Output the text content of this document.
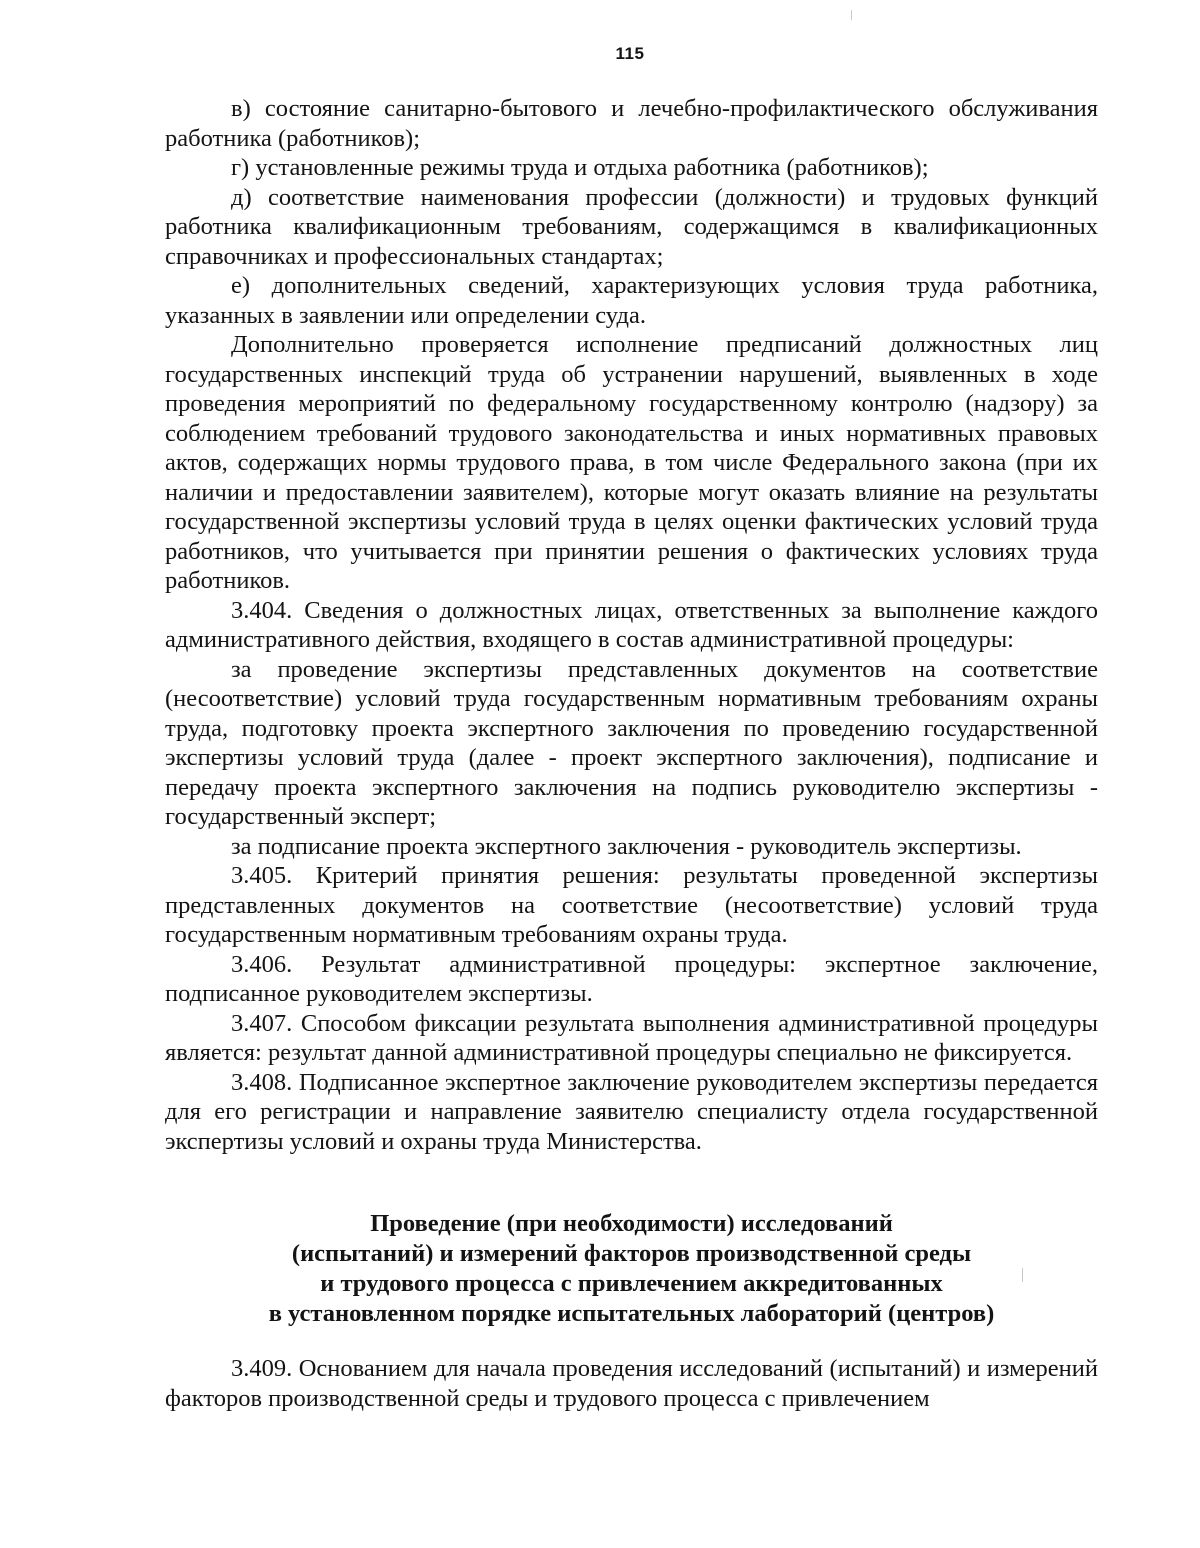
115

в) состояние санитарно-бытового и лечебно-профилактического обслуживания работника (работников);

г) установленные режимы труда и отдыха работника (работников);

д) соответствие наименования профессии (должности) и трудовых функций работника квалификационным требованиям, содержащимся в квалификационных справочниках и профессиональных стандартах;

е) дополнительных сведений, характеризующих условия труда работника, указанных в заявлении или определении суда.

Дополнительно проверяется исполнение предписаний должностных лиц государственных инспекций труда об устранении нарушений, выявленных в ходе проведения мероприятий по федеральному государственному контролю (надзору) за соблюдением требований трудового законодательства и иных нормативных правовых актов, содержащих нормы трудового права, в том числе Федерального закона (при их наличии и предоставлении заявителем), которые могут оказать влияние на результаты государственной экспертизы условий труда в целях оценки фактических условий труда работников, что учитывается при принятии решения о фактических условиях труда работников.

3.404. Сведения о должностных лицах, ответственных за выполнение каждого административного действия, входящего в состав административной процедуры:

за проведение экспертизы представленных документов на соответствие (несоответствие) условий труда государственным нормативным требованиям охраны труда, подготовку проекта экспертного заключения по проведению государственной экспертизы условий труда (далее - проект экспертного заключения), подписание и передачу проекта экспертного заключения на подпись руководителю экспертизы - государственный эксперт;

за подписание проекта экспертного заключения - руководитель экспертизы.

3.405. Критерий принятия решения: результаты проведенной экспертизы представленных документов на соответствие (несоответствие) условий труда государственным нормативным требованиям охраны труда.

3.406. Результат административной процедуры: экспертное заключение, подписанное руководителем экспертизы.

3.407. Способом фиксации результата выполнения административной процедуры является: результат данной административной процедуры специально не фиксируется.

3.408. Подписанное экспертное заключение руководителем экспертизы передается для его регистрации и направление заявителю специалисту отдела государственной экспертизы условий и охраны труда Министерства.

Проведение (при необходимости) исследований
(испытаний) и измерений факторов производственной среды
и трудового процесса с привлечением аккредитованных
в установленном порядке испытательных лабораторий (центров)

3.409. Основанием для начала проведения исследований (испытаний) и измерений факторов производственной среды и трудового процесса с привлечением
